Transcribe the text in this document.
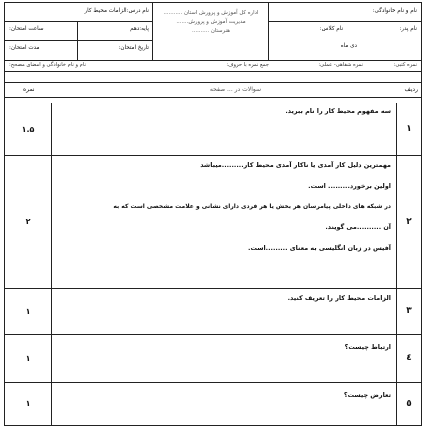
نام و نام خانوادگی:
نام پدر:
نام کلاس:
دی ماه
اداره کل آموزش و پرورش استان ...........
مدیریت آموزش و پرورش.......
هنرستان ..........
نام درس:الزامات محیط کار
پایه:دهم
ساعت امتحان:
تاریخ امتحان:
مدت امتحان:
نمره کتبی:
نمره شفاهی- عملی:
جمع نمره با حروف:
نام و نام خانوادگی و امضای مصحح:
ردیف
سوالات در ... صفحه
نمره
۱

سه مفهوم محیط کار را نام ببرید.

۱.۵
۲

مهمترین دلیل کار آمدی یا ناکار آمدی محیط کار.........میباشد

اولین برخورد......... است.

در شبکه های داخلی پیامرسان هر بخش یا هر فردی دارای نشانی و علامت مشخصی است که به

آن ..........می گویند.

آفیس در زبان انگلیسی به معنای .........است.

۲
۳

الزامات محیط کار را تعریف کنید.

۱
٤

ارتباط چیست؟

۱
٥

تعارض چیست؟

۱
